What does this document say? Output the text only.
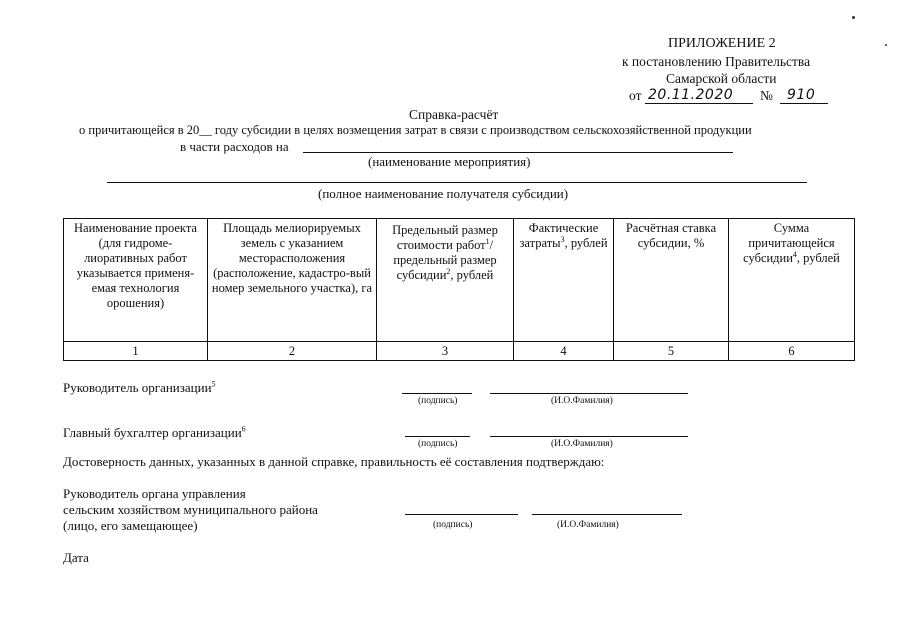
ПРИЛОЖЕНИЕ 2
к постановлению Правительства
Самарской области
от 20.11.2020 № 910
Справка-расчёт
о причитающейся в 20__ году субсидии в целях возмещения затрат в связи с производством сельскохозяйственной продукции
в части расходов на
(наименование мероприятия)
(полное наименование получателя субсидии)
Наименование проекта (для гидроме-лиоративных работ указывается применя-емая технология орошения)	Площадь мелиорируемых земель с указанием месторасположения (расположение, кадастро-вый номер земельного участка), га	Предельный размер стоимости работ$^1$/предельный размер субсидии$^2$, рублей	Фактические затраты$^3$, рублей	Расчётная ставка субсидии, %	Сумма причитающейся субсидии$^4$, рублей
1	2	3	4	5	6
Руководитель организации$^5$
(подпись)	(И.О.Фамилия)
Главный бухгалтер организации$^6$
(подпись)	(И.О.Фамилия)
Достоверность данных, указанных в данной справке, правильность её составления подтверждаю:
Руководитель органа управления
сельским хозяйством муниципального района
(лицо, его замещающее)	(подпись)	(И.О.Фамилия)
Дата
